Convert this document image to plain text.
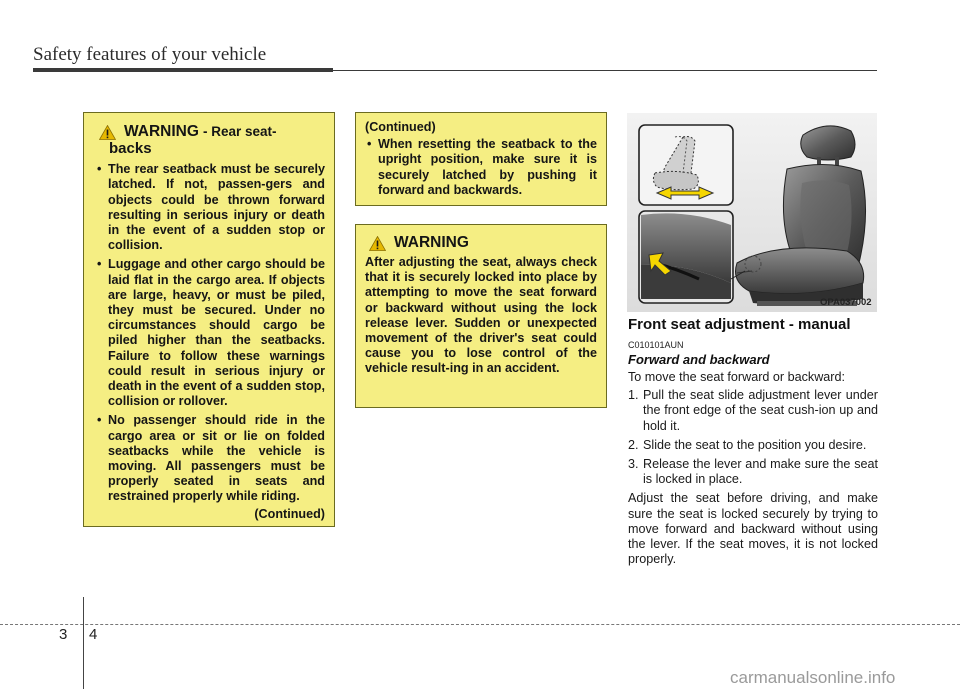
Safety features of your vehicle
WARNING - Rear seat-
backs
• The rear seatback must be securely latched. If not, passen-gers and objects could be thrown forward resulting in serious injury or death in the event of a sudden stop or collision.
• Luggage and other cargo should be laid flat in the cargo area. If objects are large, heavy, or must be piled, they must be secured. Under no circumstances should cargo be piled higher than the seatbacks. Failure to follow these warnings could result in serious injury or death in the event of a sudden stop, collision or rollover.
• No passenger should ride in the cargo area or sit or lie on folded seatbacks while the vehicle is moving. All passengers must be properly seated in seats and restrained properly while riding.
(Continued)
(Continued)
• When resetting the seatback to the upright position, make sure it is securely latched by pushing it forward and backwards.
WARNING
After adjusting the seat, always check that it is securely locked into place by attempting to move the seat forward or backward without using the lock release lever. Sudden or unexpected movement of the driver's seat could cause you to lose control of the vehicle result-ing in an accident.
OPA037002
Front seat adjustment - manual
C010101AUN
Forward and backward
To move the seat forward or backward:
1. Pull the seat slide adjustment lever under the front edge of the seat cush-ion up and hold it.
2. Slide the seat to the position you desire.
3. Release the lever and make sure the seat is locked in place.
Adjust the seat before driving, and make sure the seat is locked securely by trying to move forward and backward without using the lever. If the seat moves, it is not locked properly.
3 4
carmanualsonline.info
